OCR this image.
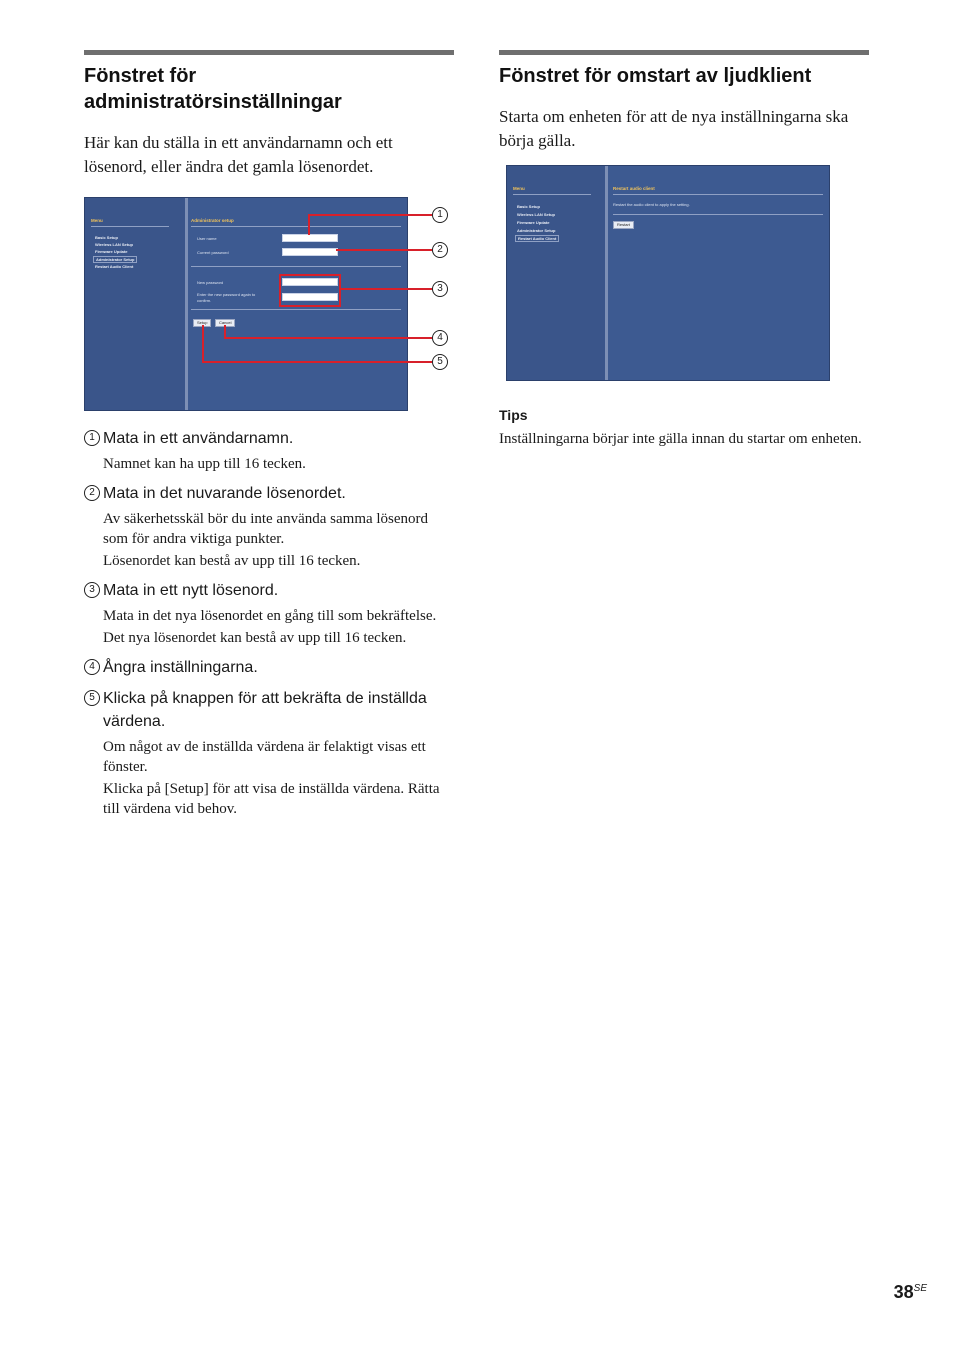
Fönstret för administratörsinställningar

Här kan du ställa in ett användarnamn och ett lösenord, eller ändra det gamla lösenordet.

Menu
Basic Setup
Wireless LAN Setup
Firmware Update
Administrator Setup
Restart Audio Client
Administrator setup
User name
Current password
New password
Enter the new password again to
confirm.
Setup	Cancel
1
2
3
4
5

1 Mata in ett användarnamn.

Namnet kan ha upp till 16 tecken.

2 Mata in det nuvarande lösenordet.

Av säkerhetsskäl bör du inte använda samma lösenord som för andra viktiga punkter.

Lösenordet kan bestå av upp till 16 tecken.

3 Mata in ett nytt lösenord.

Mata in det nya lösenordet en gång till som bekräftelse.

Det nya lösenordet kan bestå av upp till 16 tecken.

4 Ångra inställningarna.

5 Klicka på knappen för att bekräfta de inställda värdena.

Om något av de inställda värdena är felaktigt visas ett fönster.

Klicka på [Setup] för att visa de inställda värdena. Rätta till värdena vid behov.

Fönstret för omstart av ljudklient

Starta om enheten för att de nya inställningarna ska börja gälla.

Menu
Basic Setup
Wireless LAN Setup
Firmware Update
Administrator Setup
Restart Audio Client
Restart audio client
Restart the audio client to apply the setting.
Restart

Tips

Inställningarna börjar inte gälla innan du startar om enheten.

$38^{SE}$
